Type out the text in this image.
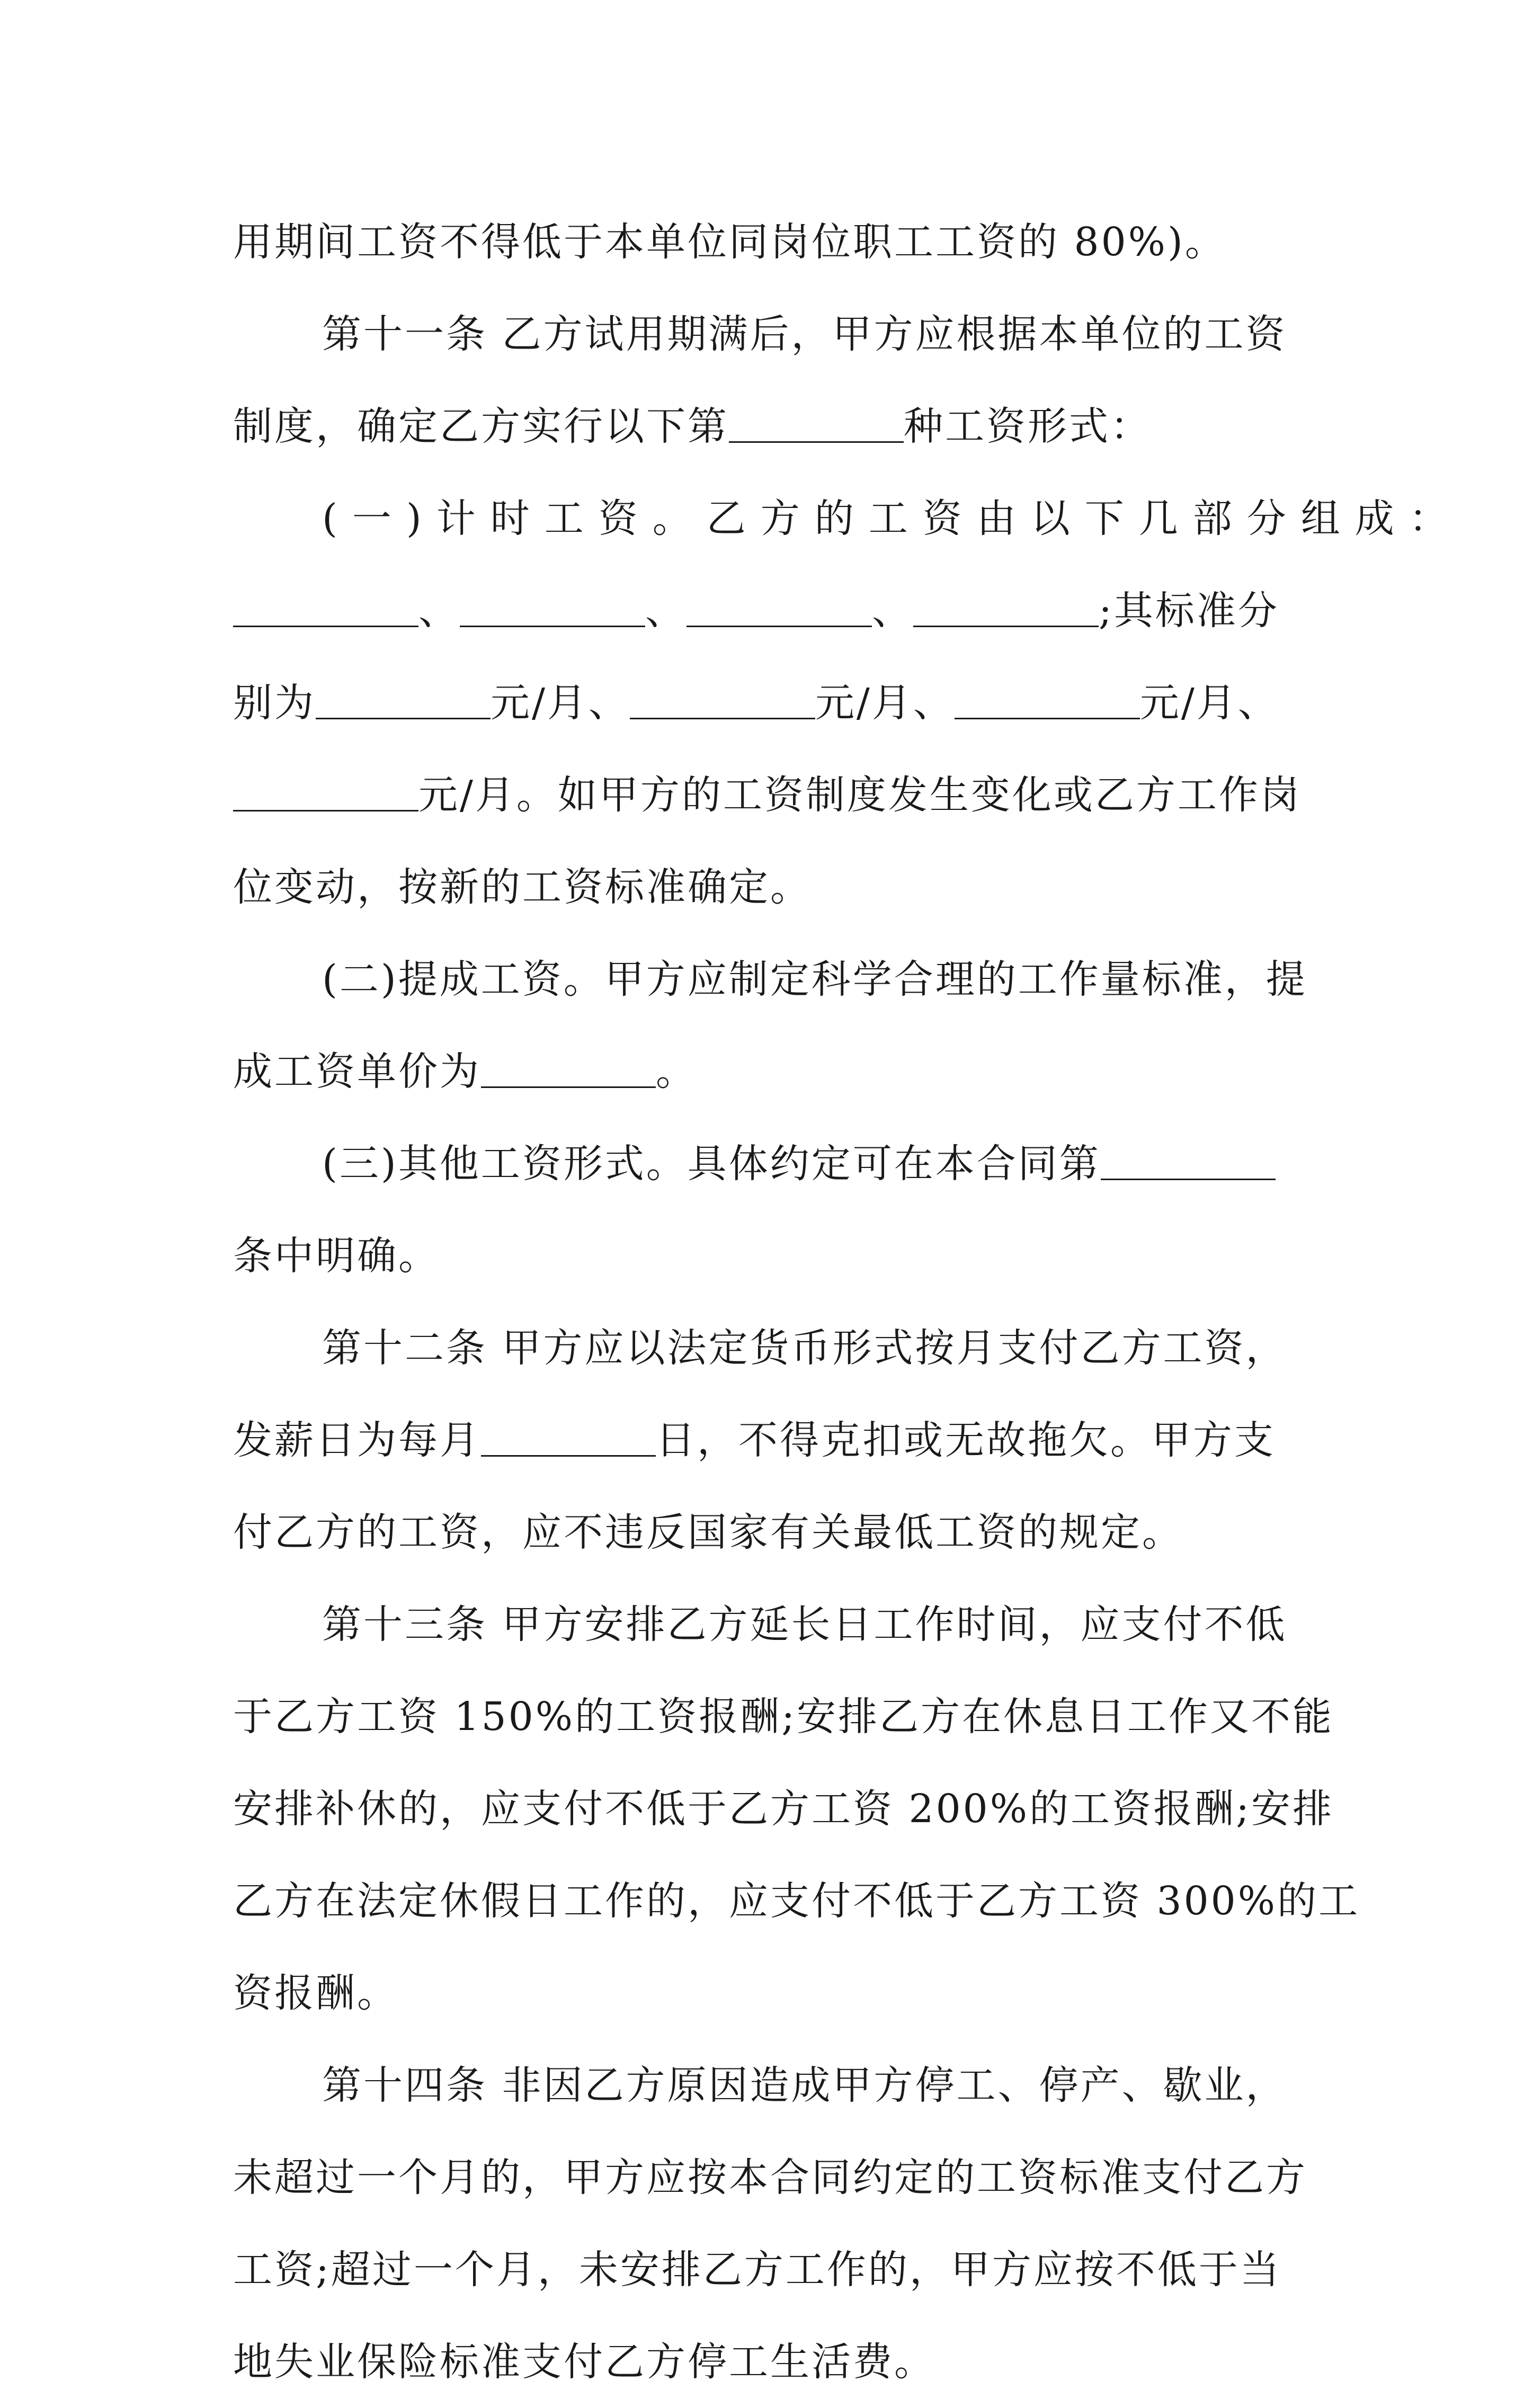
用期间工资不得低于本单位同岗位职工工资的 80%)。
第十一条 乙方试用期满后，甲方应根据本单位的工资
制度，确定乙方实行以下第	种工资形式：
(一)计时工资。乙方的工资由以下几部分组成：
、	、	、	;其标准分
别为	元/月、	元/月、	元/月、
元/月。如甲方的工资制度发生变化或乙方工作岗
位变动，按新的工资标准确定。
(二)提成工资。甲方应制定科学合理的工作量标准，提
成工资单价为	。
(三)其他工资形式。具体约定可在本合同第
条中明确。
第十二条 甲方应以法定货币形式按月支付乙方工资，
发薪日为每月	日，不得克扣或无故拖欠。甲方支
付乙方的工资，应不违反国家有关最低工资的规定。
第十三条 甲方安排乙方延长日工作时间，应支付不低
于乙方工资 150%的工资报酬;安排乙方在休息日工作又不能
安排补休的，应支付不低于乙方工资 200%的工资报酬;安排
乙方在法定休假日工作的，应支付不低于乙方工资 300%的工
资报酬。
第十四条 非因乙方原因造成甲方停工、停产、歇业，
未超过一个月的，甲方应按本合同约定的工资标准支付乙方
工资;超过一个月，未安排乙方工作的，甲方应按不低于当
地失业保险标准支付乙方停工生活费。
